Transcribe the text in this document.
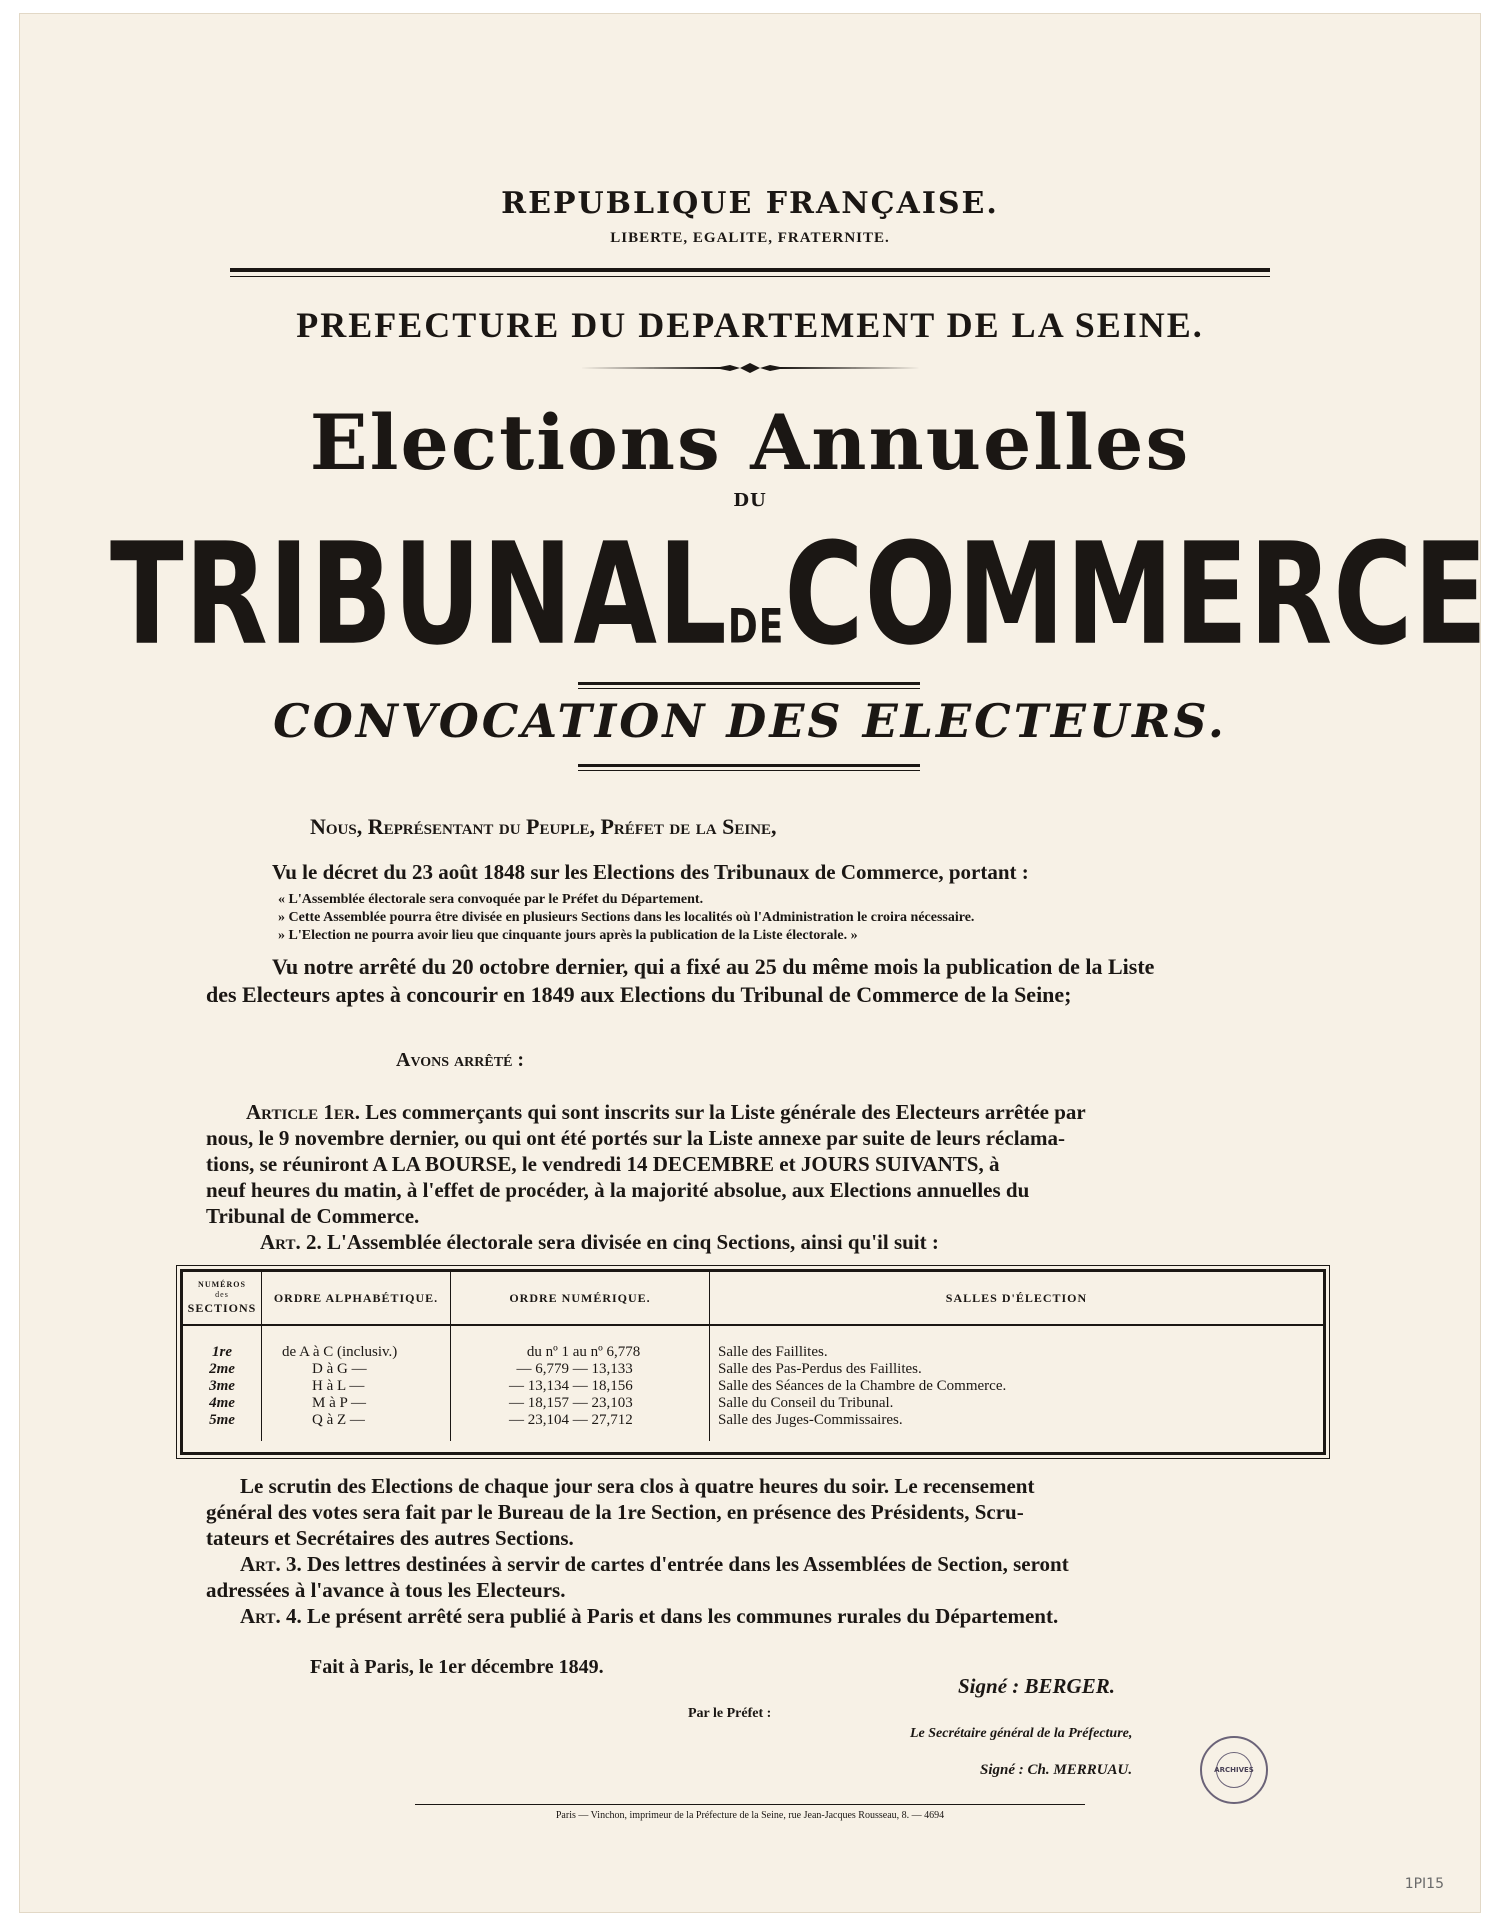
REPUBLIQUE FRANÇAISE.

LIBERTE, EGALITE, FRATERNITE.

PREFECTURE DU DEPARTEMENT DE LA SEINE.

Elections Annuelles

DU

TRIBUNALDECOMMERCE

CONVOCATION DES ELECTEURS.

Nous, Représentant du Peuple, Préfet de la Seine,

Vu le décret du 23 août 1848 sur les Elections des Tribunaux de Commerce, portant :

« L'Assemblée électorale sera convoquée par le Préfet du Département.

» Cette Assemblée pourra être divisée en plusieurs Sections dans les localités où l'Administration le croira nécessaire.

» L'Election ne pourra avoir lieu que cinquante jours après la publication de la Liste électorale. »

Vu notre arrêté du 20 octobre dernier, qui a fixé au 25 du même mois la publication de la Liste

des Electeurs aptes à concourir en 1849 aux Elections du Tribunal de Commerce de la Seine;

Avons arrêté :

Article 1er. Les commerçants qui sont inscrits sur la Liste générale des Electeurs arrêtée par

nous, le 9 novembre dernier, ou qui ont été portés sur la Liste annexe par suite de leurs réclama-

tions, se réuniront A LA BOURSE, le vendredi 14 DECEMBRE et JOURS SUIVANTS, à

neuf heures du matin, à l'effet de procéder, à la majorité absolue, aux Elections annuelles du

Tribunal de Commerce.

Art. 2. L'Assemblée électorale sera divisée en cinq Sections, ainsi qu'il suit :

NUMÉROS
des
SECTIONS	ORDRE ALPHABÉTIQUE.	ORDRE NUMÉRIQUE.	SALLES D'ÉLECTION
1re	de A à C (inclusiv.)	du nº 1 au nº 6,778	Salle des Faillites.
2me	D à G —	— 6,779 — 13,133	Salle des Pas-Perdus des Faillites.
3me	H à L —	— 13,134 — 18,156	Salle des Séances de la Chambre de Commerce.
4me	M à P —	— 18,157 — 23,103	Salle du Conseil du Tribunal.
5me	Q à Z —	— 23,104 — 27,712	Salle des Juges-Commissaires.

Le scrutin des Elections de chaque jour sera clos à quatre heures du soir. Le recensement

général des votes sera fait par le Bureau de la 1re Section, en présence des Présidents, Scru-

tateurs et Secrétaires des autres Sections.

Art. 3. Des lettres destinées à servir de cartes d'entrée dans les Assemblées de Section, seront

adressées à l'avance à tous les Electeurs.

Art. 4. Le présent arrêté sera publié à Paris et dans les communes rurales du Département.

Fait à Paris, le 1er décembre 1849.

Signé : BERGER.

Par le Préfet :

Le Secrétaire général de la Préfecture,

Signé : Ch. MERRUAU.	ARCHIVES

Paris — Vinchon, imprimeur de la Préfecture de la Seine, rue Jean-Jacques Rousseau, 8. — 4694

1PI15
